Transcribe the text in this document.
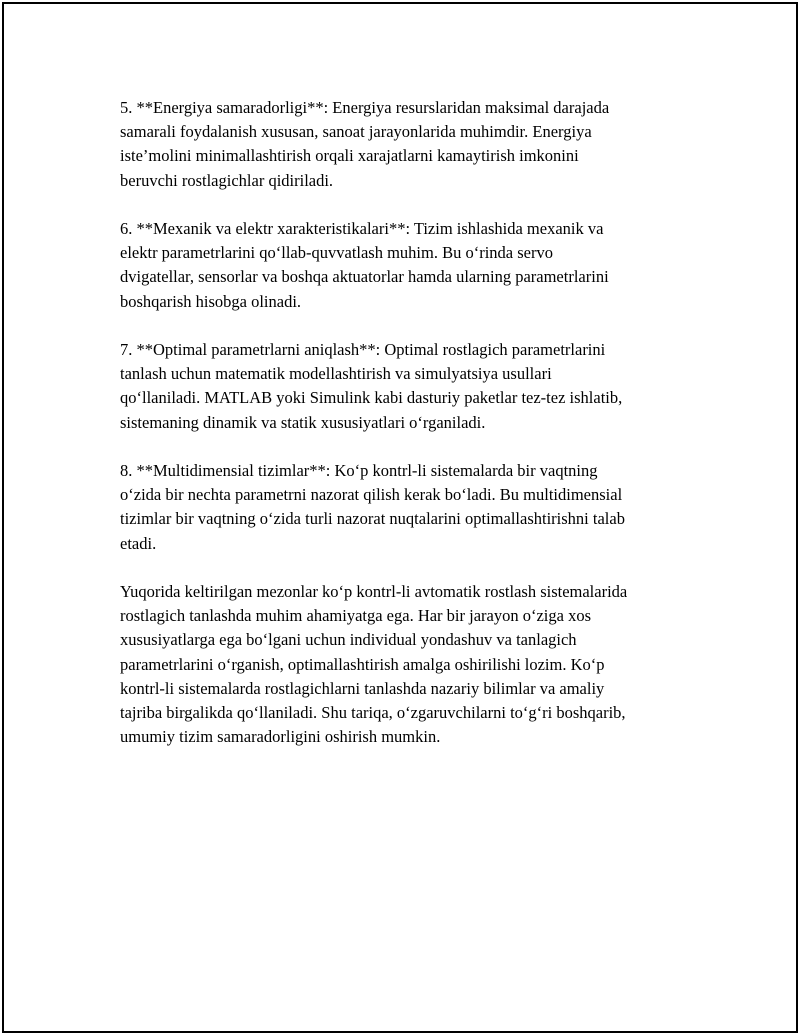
5. **Energiya samaradorligi**: Energiya resurslaridan maksimal darajada
samarali foydalanish xususan, sanoat jarayonlarida muhimdir. Energiya
iste’molini minimallashtirish orqali xarajatlarni kamaytirish imkonini
beruvchi rostlagichlar qidiriladi.

6. **Mexanik va elektr xarakteristikalari**: Tizim ishlashida mexanik va
elektr parametrlarini qo‘llab-quvvatlash muhim. Bu o‘rinda servo
dvigatellar, sensorlar va boshqa aktuatorlar hamda ularning parametrlarini
boshqarish hisobga olinadi.

7. **Optimal parametrlarni aniqlash**: Optimal rostlagich parametrlarini
tanlash uchun matematik modellashtirish va simulyatsiya usullari
qo‘llaniladi. MATLAB yoki Simulink kabi dasturiy paketlar tez-tez ishlatib,
sistemaning dinamik va statik xususiyatlari o‘rganiladi.

8. **Multidimensial tizimlar**: Ko‘p kontrl-li sistemalarda bir vaqtning
o‘zida bir nechta parametrni nazorat qilish kerak bo‘ladi. Bu multidimensial
tizimlar bir vaqtning o‘zida turli nazorat nuqtalarini optimallashtirishni talab
etadi.

Yuqorida keltirilgan mezonlar ko‘p kontrl-li avtomatik rostlash sistemalarida
rostlagich tanlashda muhim ahamiyatga ega. Har bir jarayon o‘ziga xos
xususiyatlarga ega bo‘lgani uchun individual yondashuv va tanlagich
parametrlarini o‘rganish, optimallashtirish amalga oshirilishi lozim. Ko‘p
kontrl-li sistemalarda rostlagichlarni tanlashda nazariy bilimlar va amaliy
tajriba birgalikda qo‘llaniladi. Shu tariqa, o‘zgaruvchilarni to‘g‘ri boshqarib,
umumiy tizim samaradorligini oshirish mumkin.
